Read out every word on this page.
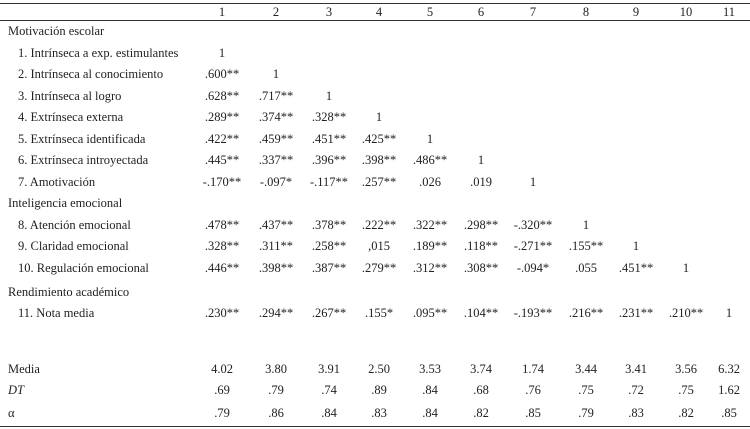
1	2	3	4	5	6	7	8	9	10	11
Motivación escolar
1. Intrínseca a exp. estimulantes	1
2. Intrínseca al conocimiento	.600**	1
3. Intrínseca al logro	.628**	.717**	1
4. Extrínseca externa	.289**	.374**	.328**	1
5. Extrínseca identificada	.422**	.459**	.451**	.425**	1
6. Extrínseca introyectada	.445**	.337**	.396**	.398**	.486**	1
7. Amotivación	-.170**	-.097*	-.117**	.257**	.026	.019	1
Inteligencia emocional
8. Atención emocional	.478**	.437**	.378**	.222**	.322**	.298**	-.320**	1
9. Claridad emocional	.328**	.311**	.258**	,015	.189**	.118**	-.271**	.155**	1
10. Regulación emocional	.446**	.398**	.387**	.279**	.312**	.308**	-.094*	.055	.451**	1
Rendimiento académico
11. Nota media	.230**	.294**	.267**	.155*	.095**	.104**	-.193**	.216**	.231**	.210**	1
Media	4.02	3.80	3.91	2.50	3.53	3.74	1.74	3.44	3.41	3.56	6.32
DT	.69	.79	.74	.89	.84	.68	.76	.75	.72	.75	1.62
α	.79	.86	.84	.83	.84	.82	.85	.79	.83	.82	.85
